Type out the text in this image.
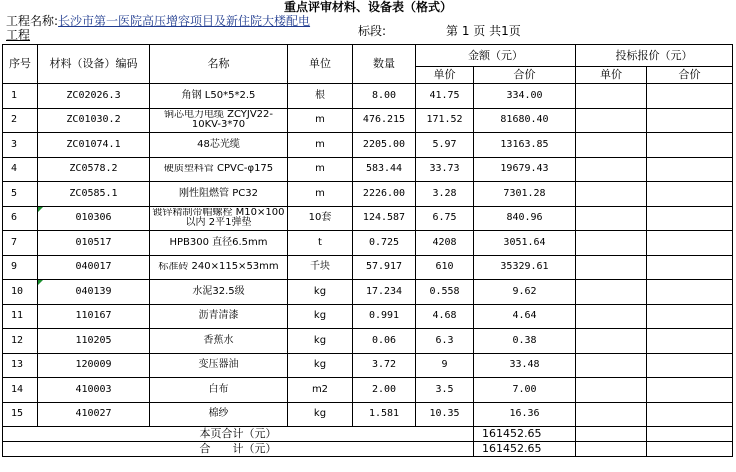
重点评审材料、设备表（格式）
工程名称:长沙市第一医院高压增容项目及新住院大楼配电
工程	标段:	第 1 页 共1页
序号	材料（设备）编码	名称	单位	数量	金额（元）		投标报价（元）	
					单价	合价	单价	合价
1	ZC02026.3	角钢 L50*5*2.5	根	8.00	41.75	334.00		
2	ZC01030.2	铜芯电力电缆 ZCYJV22-10KV-3*70	m	476.215	171.52	81680.40		
3	ZC01074.1	48芯光缆	m	2205.00	5.97	13163.85		
4	ZC0578.2	硬质塑料管 CPVC-φ175	m	583.44	33.73	19679.43		
5	ZC0585.1	刚性阻燃管 PC32	m	2226.00	3.28	7301.28		
6	010306	镀锌精制带帽螺栓 M10×100以内 2平1弹垫	10套	124.587	6.75	840.96		
7	010517	HPB300 直径6.5mm	t	0.725	4208	3051.64		
9	040017	标准砖 240×115×53mm	千块	57.917	610	35329.61		
10	040139	水泥32.5级	kg	17.234	0.558	9.62		
11	110167	沥青清漆	kg	0.991	4.68	4.64		
12	110205	香蕉水	kg	0.06	6.3	0.38		
13	120009	变压器油	kg	3.72	9	33.48		
14	410003	白布	m2	2.00	3.5	7.00		
15	410027	棉纱	kg	1.581	10.35	16.36		
本页合计（元）						161452.65		
合　　计（元）						161452.65		
